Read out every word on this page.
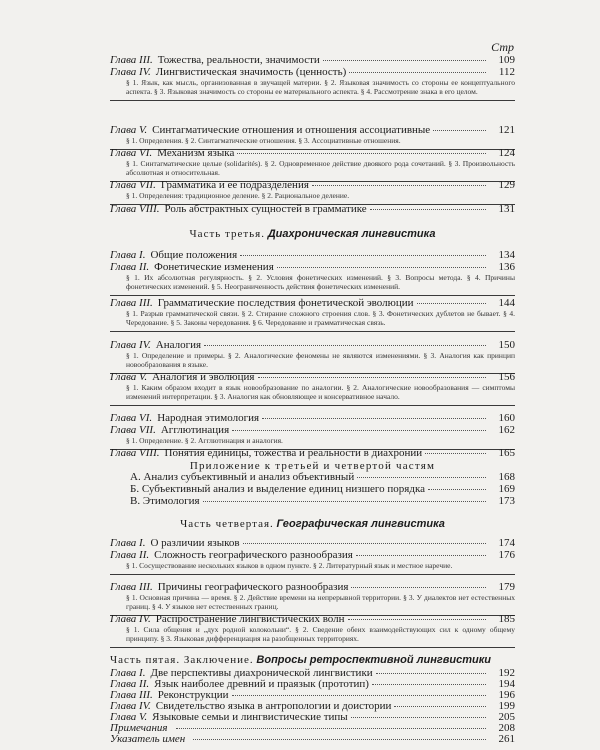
Стр
Глава III. Тожества, реальности, значимости	109
Глава IV. Лингвистическая значимость (ценность)	112
§ 1. Язык, как мысль, организованная в звучащей материи. § 2. Языковая значимость со стороны ее концептуального аспекта. § 3. Языковая значимость со стороны ее материального аспекта. § 4. Рассмотрение знака в его целом.
Глава V. Синтагматические отношения и отношения ассоциативные	121
§ 1. Определения. § 2. Синтагматические отношения. § 3. Ассоциативные отношения.
Глава VI. Механизм языка	124
§ 1. Синтагматические целые (solidarités). § 2. Одновременное действие двоякого рода сочетаний. § 3. Произвольность абсолютная и относительная.
Глава VII. Грамматика и ее подразделения	129
§ 1. Определения: традиционное деление. § 2. Рациональное деление.
Глава VIII. Роль абстрактных сущностей в грамматике	131
Часть третья. Диахроническая лингвистика
Глава I. Общие положения	134
Глава II. Фонетические изменения	136
§ 1. Их абсолютная регулярность. § 2. Условия фонетических изменений. § 3. Вопросы метода. § 4. Причины фонетических изменений. § 5. Неограниченность действия фонетических изменений.
Глава III. Грамматические последствия фонетической эволюции	144
§ 1. Разрыв грамматической связи. § 2. Стирание сложного строения слов. § 3. Фонетических дублетов не бывает. § 4. Чередование. § 5. Законы чередования. § 6. Чередование и грамматическая связь.
Глава IV. Аналогия	150
§ 1. Определение и примеры. § 2. Аналогические феномены не являются изменениями. § 3. Аналогия как принцип новообразования в языке.
Глава V. Аналогия и эволюция	156
§ 1. Каким образом входит в язык новообразование по аналогии. § 2. Аналогические новообразования — симптомы изменений интерпретации. § 3. Аналогия как обновляющее и консервативное начало.
Глава VI. Народная этимология	160
Глава VII. Агглютинация	162
§ 1. Определение. § 2. Агглютинация и аналогия.
Глава VIII. Понятия единицы, тожества и реальности в диахронии	165
Приложение к третьей и четвертой частям
А. Анализ субъективный и анализ объективный	168
Б. Субъективный анализ и выделение единиц низшего порядка	169
В. Этимология	173
Часть четвертая. Географическая лингвистика
Глава I. О различии языков	174
Глава II. Сложность географического разнообразия	176
§ 1. Сосуществование нескольких языков в одном пункте. § 2. Литературный язык и местное наречие.
Глава III. Причины географического разнообразия	179
§ 1. Основная причина — время. § 2. Действие времени на непрерывной территории. § 3. У диалектов нет естественных границ. § 4. У языков нет естественных границ.
Глава IV. Распространение лингвистических волн	185
§ 1. Сила общения и „дух родной колокольни“. § 2. Сведение обеих взаимодействующих сил к одному общему принципу. § 3. Языковая дифференциация на разобщенных территориях.
Часть пятая. Заключение. Вопросы ретроспективной лингвистики
Глава I. Две перспективы диахронической лингвистики	192
Глава II. Язык наиболее древний и праязык (прототип)	194
Глава III. Реконструкции	196
Глава IV. Свидетельство языка в антропологии и доистории	199
Глава V. Языковые семьи и лингвистические типы	205
Примечания	208
Указатель имен	261
